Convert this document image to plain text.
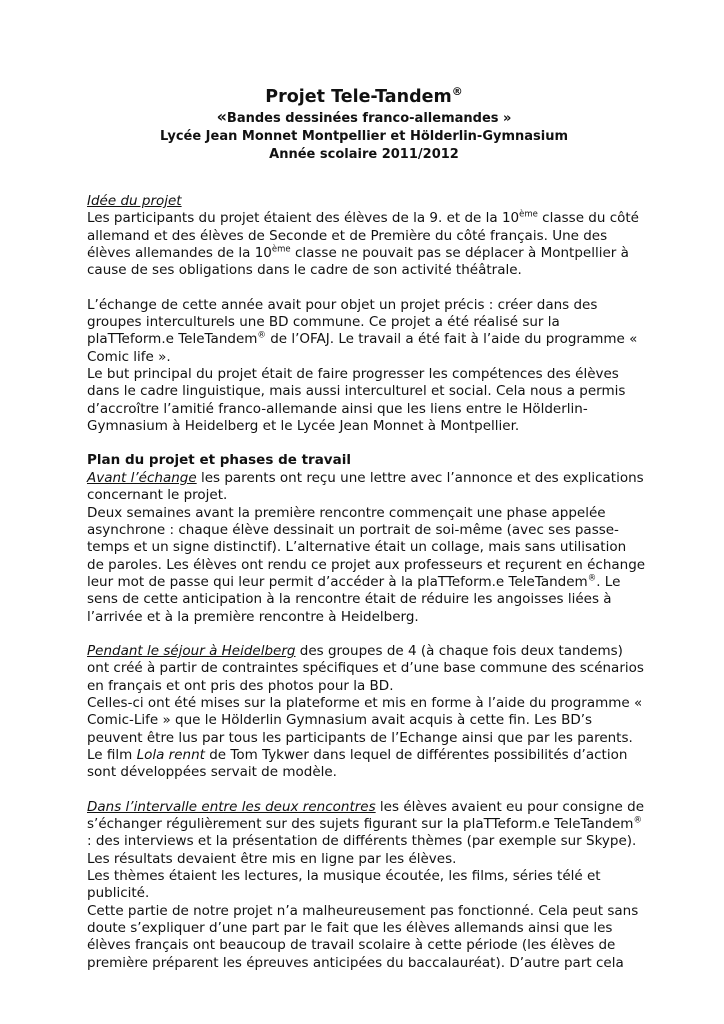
Projet Tele-Tandem®
«Bandes dessinées franco-allemandes »
Lycée Jean Monnet Montpellier et Hölderlin-Gymnasium
Année scolaire 2011/2012

Idée du projet

Les participants du projet étaient des élèves de la 9. et de la 10ème classe du côté allemand et des élèves de Seconde et de Première du côté français. Une des élèves allemandes de la 10ème classe ne pouvait pas se déplacer à Montpellier à cause de ses obligations dans le cadre de son activité théâtrale.

L’échange de cette année avait pour objet un projet précis : créer dans des groupes interculturels une BD commune. Ce projet a été réalisé sur la plaTTeform.e TeleTandem® de l’OFAJ. Le travail a été fait à l’aide du programme « Comic life ».

Le but principal du projet était de faire progresser les compétences des élèves dans le cadre linguistique, mais aussi interculturel et social. Cela nous a permis d’accroître l’amitié franco-allemande ainsi que les liens entre le Hölderlin-Gymnasium à Heidelberg et le Lycée Jean Monnet à Montpellier.

Plan du projet et phases de travail

Avant l’échange les parents ont reçu une lettre avec l’annonce et des explications concernant le projet.

Deux semaines avant la première rencontre commençait une phase appelée asynchrone : chaque élève dessinait un portrait de soi-même (avec ses passe-temps et un signe distinctif). L’alternative était un collage, mais sans utilisation de paroles. Les élèves ont rendu ce projet aux professeurs et reçurent en échange leur mot de passe qui leur permit d’accéder à la plaTTeform.e TeleTandem®. Le sens de cette anticipation à la rencontre était de réduire les angoisses liées à l’arrivée et à la première rencontre à Heidelberg.

Pendant le séjour à Heidelberg des groupes de 4 (à chaque fois deux tandems) ont créé à partir de contraintes spécifiques et d’une base commune des scénarios en français et ont pris des photos pour la BD.

Celles-ci ont été mises sur la plateforme et mis en forme à l’aide du programme « Comic-Life » que le Hölderlin Gymnasium avait acquis à cette fin. Les BD’s peuvent être lus par tous les participants de l’Echange ainsi que par les parents. Le film Lola rennt de Tom Tykwer dans lequel de différentes possibilités d’action sont développées servait de modèle.

Dans l’intervalle entre les deux rencontres les élèves avaient eu pour consigne de s’échanger régulièrement sur des sujets figurant sur la plaTTeform.e TeleTandem® : des interviews et la présentation de différents thèmes (par exemple sur Skype). Les résultats devaient être mis en ligne par les élèves.

Les thèmes étaient les lectures, la musique écoutée, les films, séries télé et publicité.

Cette partie de notre projet n’a malheureusement pas fonctionné. Cela peut sans doute s’expliquer d’une part par le fait que les élèves allemands ainsi que les élèves français ont beaucoup de travail scolaire à cette période (les élèves de première préparent les épreuves anticipées du baccalauréat). D’autre part cela
